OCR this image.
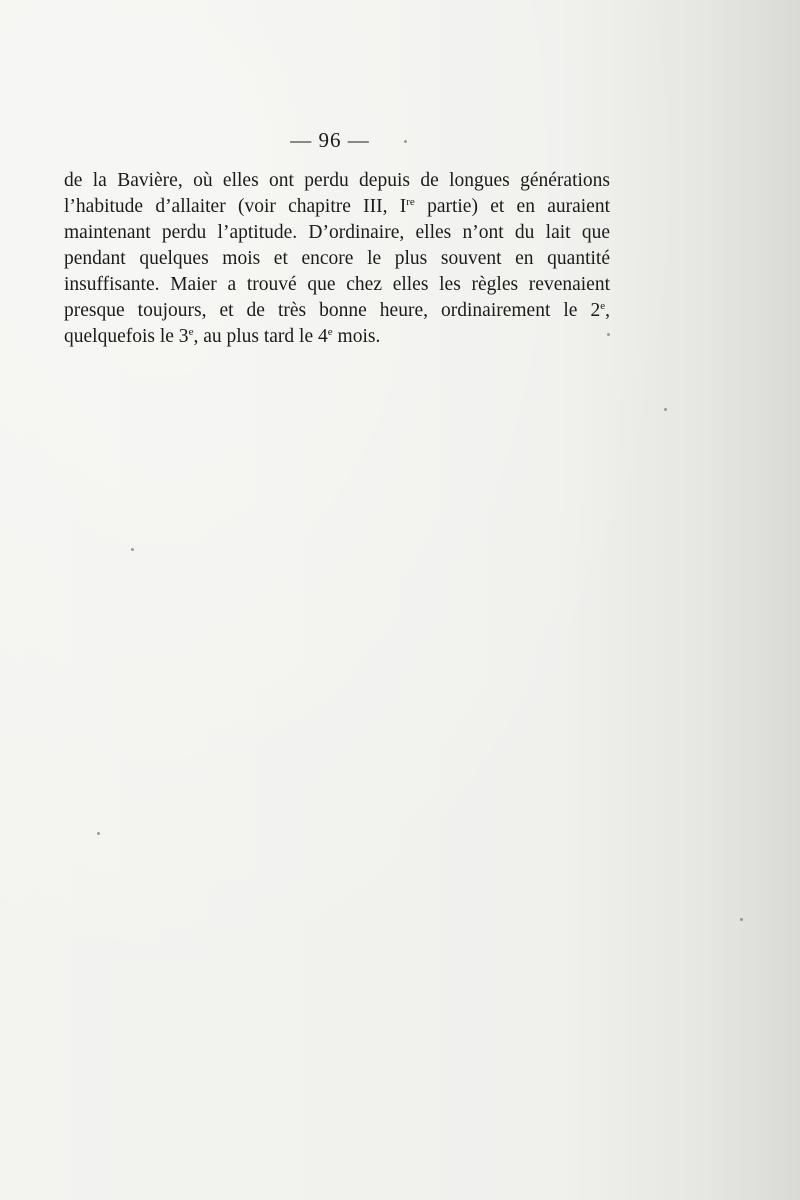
— 96 —
de la Bavière, où elles ont perdu depuis de longues générations
l’habitude d’allaiter (voir chapitre III, Ire partie) et en auraient
maintenant perdu l’aptitude. D’ordinaire, elles n’ont du lait que
pendant quelques mois et encore le plus souvent en quantité
insuffisante. Maier a trouvé que chez elles les règles revenaient
presque toujours, et de très bonne heure, ordinairement le 2e,
quelquefois le 3e, au plus tard le 4e mois.
